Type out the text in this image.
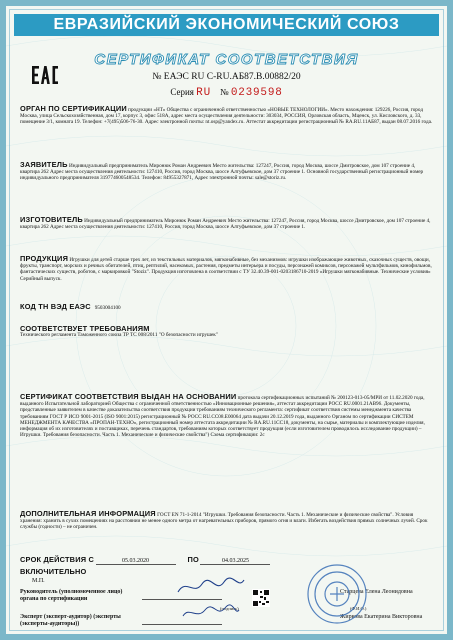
ЕВРАЗИЙСКИЙ ЭКОНОМИЧЕСКИЙ СОЮЗ
СЕРТИФИКАТ СООТВЕТСТВИЯ
№ ЕАЭС RU С-RU.АБ87.В.00882/20
Серия RU № 0239598
ОРГАН ПО СЕРТИФИКАЦИИ продукции «НТ» Общества с ограниченной ответственностью «НОВЫЕ ТЕХНОЛОГИИ». Место нахождения: 129226, Россия, город Москва, улица Сельскохозяйственная, дом 17, корпус 3, офис 518А, адрес места осуществления деятельности: 303034, РОССИЯ, Орловская область, Мценск, ул. Кисловского, д. 33, помещение 3/1, комната 19. Телефон: +7(495)506-76-30. Адрес электронной почты: nt.osp@yandex.ru. Аттестат аккредитации регистрационный № RA.RU.11АБ87, выдан 08.07.2016 года.
ЗАЯВИТЕЛЬ Индивидуальный предприниматель Миронюк Роман Андреевич Место жительства: 127247, Россия, город Москва, шоссе Дмитровское, дом 107 строение 4, квартира 262 Адрес места осуществления деятельности: 127410, Россия, город Москва, шоссе Алтуфьевское, дом 37 строение 1. Основной государственный регистрационный номер индивидуального предпринимателя 319774600548534. Телефон: 84955327871, Адрес электронной почты: sale@storiz.ru.
ИЗГОТОВИТЕЛЬ Индивидуальный предприниматель Миронюк Роман Андреевич Место жительства: 127247, Россия, город Москва, шоссе Дмитровское, дом 107 строение 4, квартира 262 Адрес места осуществления деятельности: 127410, Россия, город Москва, шоссе Алтуфьевское, дом 37 строение 1.
ПРОДУКЦИЯ Игрушки для детей старше трех лет, из текстильных материалов, мягконабивные, без механизмов: игрушки изображающие животных, сказочных существ, овощи, фрукты, транспорт, морских и речных обитателей, птиц, рептилий, насекомых, растения, предметы интерьера и посуды, персонажей комиксов, персонажей мультфильмов, кинофильмов, фантастических существ, роботов, с маркировкой "Stoziz". Продукция изготовлена в соответствии с ТУ 32.40.39-001-0203186710-2019 «Игрушки мягконабивные. Технические условия» Серийный выпуск.
КОД ТН ВЭД ЕАЭС 9503004100
СООТВЕТСТВУЕТ ТРЕБОВАНИЯМ
Технического регламента Таможенного союза ТР ТС 008/2011 "О безопасности игрушек"
СЕРТИФИКАТ СООТВЕТСТВИЯ ВЫДАН НА ОСНОВАНИИ протокола сертификационных испытаний № 200123-013-05/МРИ от 11.02.2020 года, выданного Испытательной лабораторией Общества с ограниченной ответственностью «Инновационные решения», аттестат аккредитации РОСС RU.0001.21АВ96. Документы, представленные заявителем в качестве доказательства соответствия продукции требованиям технического регламента: сертификат соответствия системы менеджмента качества требованиям ГОСТ Р ИСО 9001-2015 (ISO 9001:2015) регистрационный № РОСС RU.СС08.Е00064 дата выдачи 20.12.2019 года, выданного Органом по сертификации СИСТЕМ МЕНЕДЖМЕНТА КАЧЕСТВА «ПРОПАН-ТЕХНО», регистрационный номер аттестата аккредитации № RA.RU.11СС18, документы, на сырье, материалы и комплектующие изделия, информация об их изготовителях и поставщиках, перечень стандартов, требованиям которых соответствует продукция (если изготовителем проводилось исследование продукции) – Игрушки. Требования безопасности. Часть 1. Механические и физические свойства") Схема сертификации: 2с
ДОПОЛНИТЕЛЬНАЯ ИНФОРМАЦИЯ ГОСТ EN 71-1-2014 "Игрушки. Требования безопасности. Часть 1. Механические и физические свойства". Условия хранения: хранить в сухих помещениях на расстоянии не менее одного метра от нагревательных приборов, прямого огня и влаги. Избегать воздействия прямых солнечных лучей. Срок службы (годности) – не ограничен.
СРОК ДЕЙСТВИЯ С	05.03.2020	ПО	04.03.2025
ВКЛЮЧИТЕЛЬНО
Руководитель (уполномоченное лицо) органа по сертификации
Старцева Елена Леонидовна
Эксперт (эксперт-аудитор) (эксперты (эксперты-аудиторы))
Жиркова Екатерина Викторовна
(подпись)	(Ф.И.О.)
М.П.
